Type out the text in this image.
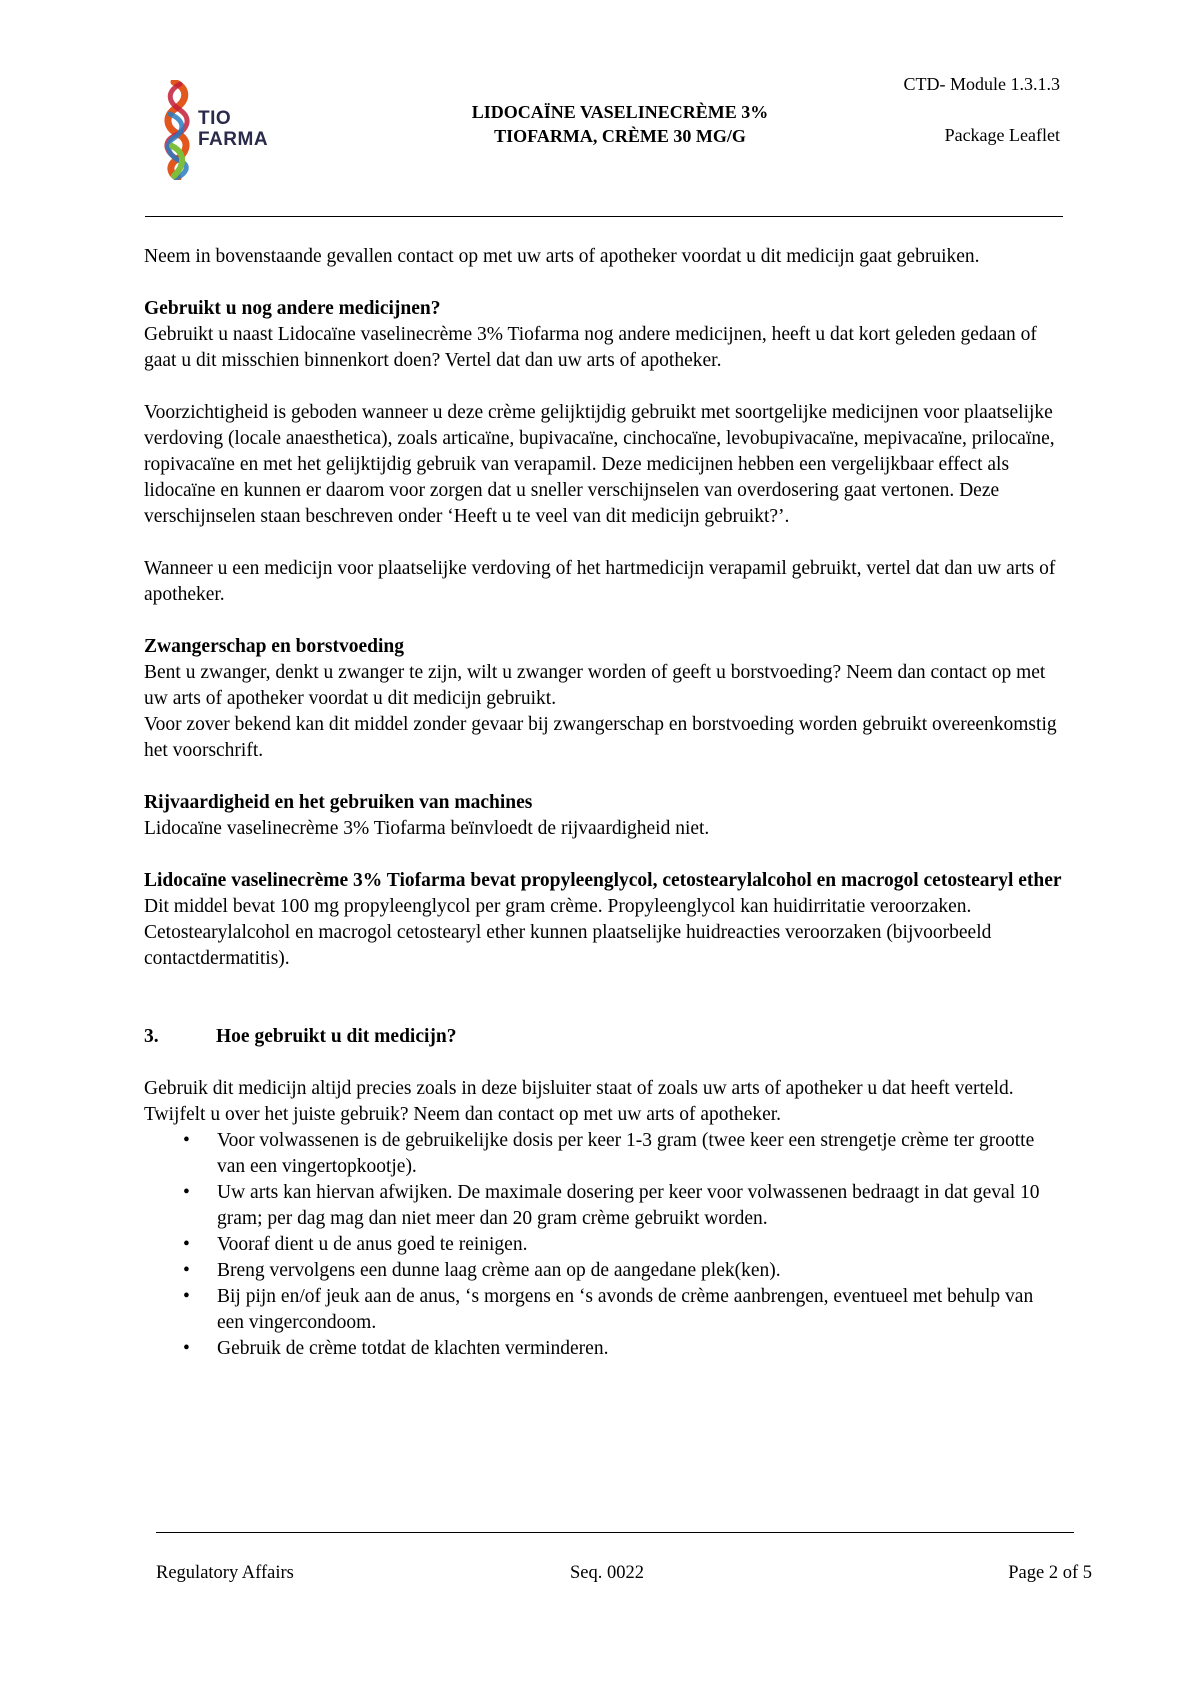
TIO
FARMA
LIDOCAÏNE VASELINECRÈME 3%
TIOFARMA, CRÈME 30 MG/G
CTD- Module 1.3.1.3
Package Leaflet

Neem in bovenstaande gevallen contact op met uw arts of apotheker voordat u dit medicijn gaat gebruiken.

Gebruikt u nog andere medicijnen?

Gebruikt u naast Lidocaïne vaselinecrème 3% Tiofarma nog andere medicijnen, heeft u dat kort geleden gedaan of gaat u dit misschien binnenkort doen? Vertel dat dan uw arts of apotheker.

Voorzichtigheid is geboden wanneer u deze crème gelijktijdig gebruikt met soortgelijke medicijnen voor plaatselijke verdoving (locale anaesthetica), zoals articaïne, bupivacaïne, cinchocaïne, levobupivacaïne, mepivacaïne, prilocaïne, ropivacaïne en met het gelijktijdig gebruik van verapamil. Deze medicijnen hebben een vergelijkbaar effect als lidocaïne en kunnen er daarom voor zorgen dat u sneller verschijnselen van overdosering gaat vertonen. Deze verschijnselen staan beschreven onder ‘Heeft u te veel van dit medicijn gebruikt?’.

Wanneer u een medicijn voor plaatselijke verdoving of het hartmedicijn verapamil gebruikt, vertel dat dan uw arts of apotheker.

Zwangerschap en borstvoeding

Bent u zwanger, denkt u zwanger te zijn, wilt u zwanger worden of geeft u borstvoeding? Neem dan contact op met uw arts of apotheker voordat u dit medicijn gebruikt.

Voor zover bekend kan dit middel zonder gevaar bij zwangerschap en borstvoeding worden gebruikt overeenkomstig het voorschrift.

Rijvaardigheid en het gebruiken van machines

Lidocaïne vaselinecrème 3% Tiofarma beïnvloedt de rijvaardigheid niet.

Lidocaïne vaselinecrème 3% Tiofarma bevat propyleenglycol, cetostearylalcohol en macrogol cetostearyl ether

Dit middel bevat 100 mg propyleenglycol per gram crème. Propyleenglycol kan huidirritatie veroorzaken.

Cetostearylalcohol en macrogol cetostearyl ether kunnen plaatselijke huidreacties veroorzaken (bijvoorbeeld contactdermatitis).

3.	Hoe gebruikt u dit medicijn?

Gebruik dit medicijn altijd precies zoals in deze bijsluiter staat of zoals uw arts of apotheker u dat heeft verteld. Twijfelt u over het juiste gebruik? Neem dan contact op met uw arts of apotheker.

• Voor volwassenen is de gebruikelijke dosis per keer 1-3 gram (twee keer een strengetje crème ter grootte van een vingertopkootje).
• Uw arts kan hiervan afwijken. De maximale dosering per keer voor volwassenen bedraagt in dat geval 10 gram; per dag mag dan niet meer dan 20 gram crème gebruikt worden.
• Vooraf dient u de anus goed te reinigen.
• Breng vervolgens een dunne laag crème aan op de aangedane plek(ken).
• Bij pijn en/of jeuk aan de anus, ‘s morgens en ‘s avonds de crème aanbrengen, eventueel met behulp van een vingercondoom.
• Gebruik de crème totdat de klachten verminderen.
Regulatory Affairs	Seq. 0022	Page 2 of 5
